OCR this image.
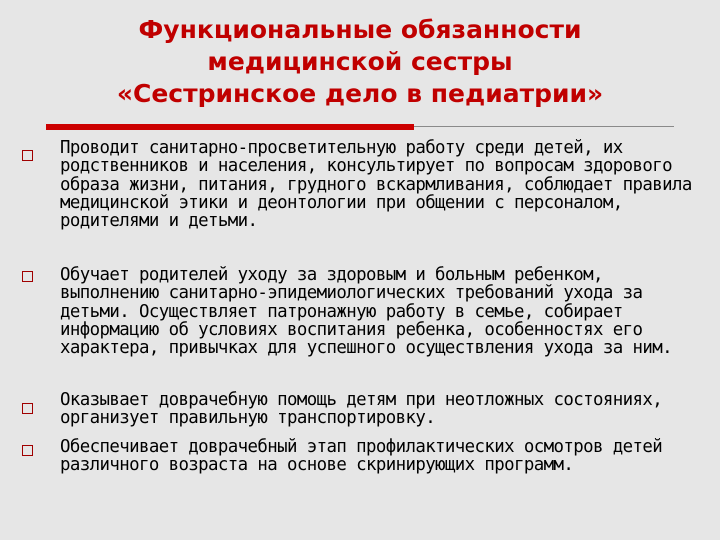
Функциональные обязанности
медицинской сестры
«Сестринское дело в педиатрии»
Проводит санитарно-просветительную работу среди детей, их родственников и населения, консультирует по вопросам здорового образа жизни, питания, грудного вскармливания, соблюдает правила медицинской этики и деонтологии при общении с персоналом, родителями и детьми.
Обучает родителей уходу за здоровым и больным ребенком, выполнению санитарно-эпидемиологических требований ухода за детьми. Осуществляет патронажную работу в семье, собирает информацию об условиях воспитания ребенка, особенностях его характера, привычках для успешного осуществления ухода за ним.
Оказывает доврачебную помощь детям при неотложных состояниях, организует правильную транспортировку.
Обеспечивает доврачебный этап профилактических осмотров детей различного возраста на основе скринирующих программ.
